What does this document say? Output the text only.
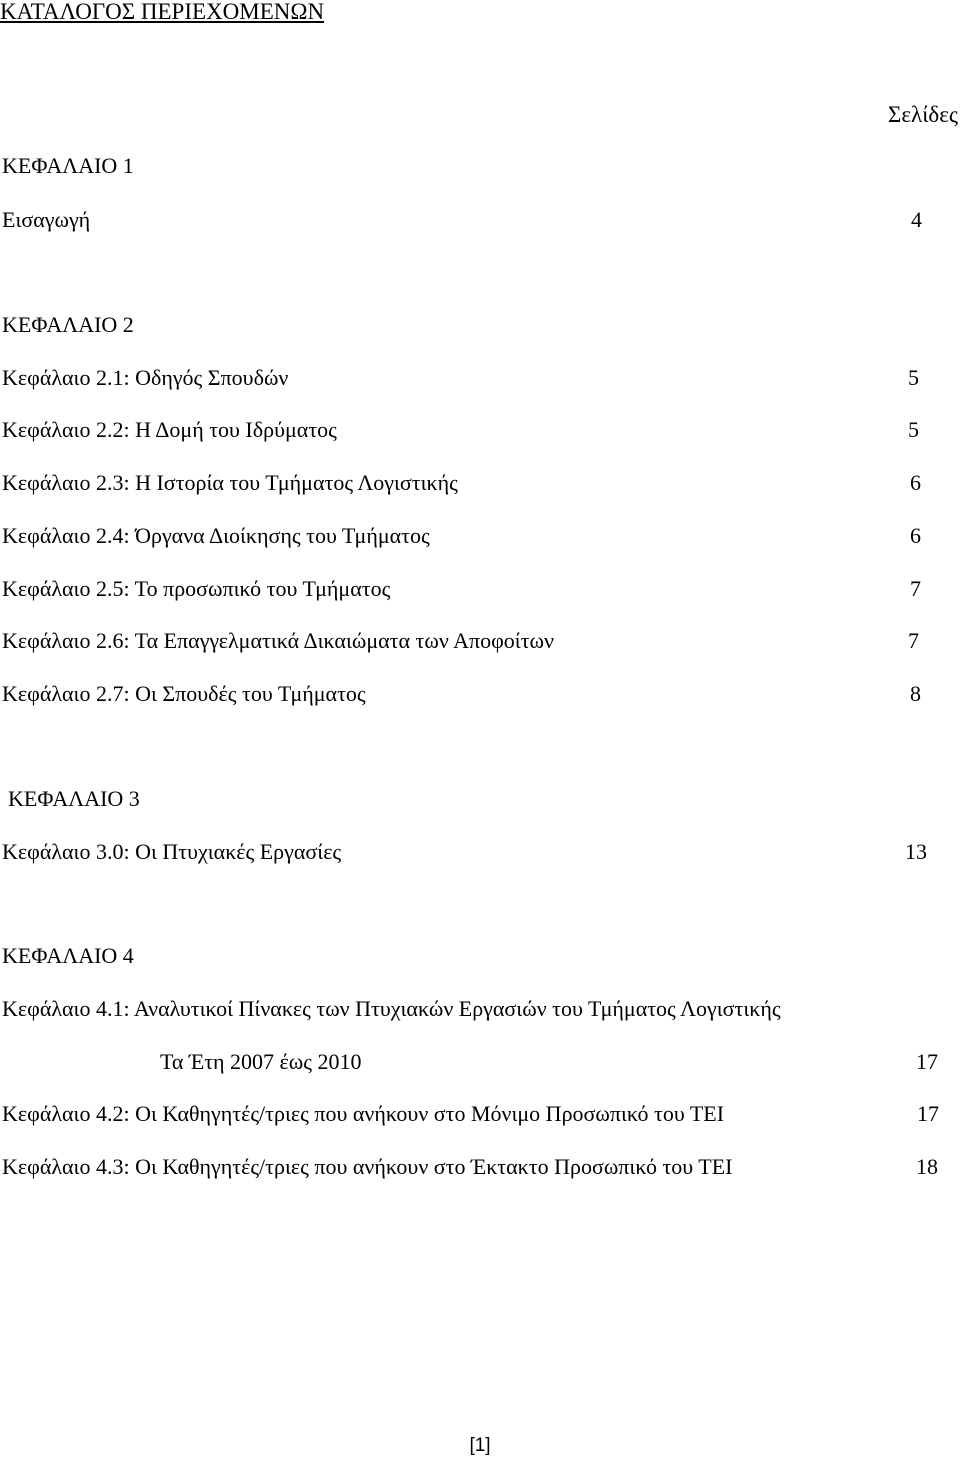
ΚΑΤΑΛΟΓΟΣ ΠΕΡΙΕΧΟΜΕΝΩΝ
Σελίδες
ΚΕΦΑΛΑΙΟ 1
Εισαγωγή	4
ΚΕΦΑΛΑΙΟ 2
Κεφάλαιο 2.1: Οδηγός Σπουδών	5
Κεφάλαιο 2.2: Η Δομή του Ιδρύματος	5
Κεφάλαιο 2.3: Η Ιστορία του Τμήματος Λογιστικής	6
Κεφάλαιο 2.4: Όργανα Διοίκησης του Τμήματος	6
Κεφάλαιο 2.5: Το προσωπικό του Τμήματος	7
Κεφάλαιο 2.6: Τα Επαγγελματικά Δικαιώματα των Αποφοίτων	7
Κεφάλαιο 2.7: Οι Σπουδές του Τμήματος	8
ΚΕΦΑΛΑΙΟ 3
Κεφάλαιο 3.0: Οι Πτυχιακές Εργασίες	13
ΚΕΦΑΛΑΙΟ 4
Κεφάλαιο 4.1: Αναλυτικοί Πίνακες των Πτυχιακών Εργασιών του Τμήματος Λογιστικής
Τα Έτη 2007 έως 2010	17
Κεφάλαιο 4.2: Οι Καθηγητές/τριες που ανήκουν στο Μόνιμο Προσωπικό του ΤΕΙ	17
Κεφάλαιο 4.3: Οι Καθηγητές/τριες που ανήκουν στο Έκτακτο Προσωπικό του ΤΕΙ	18
[1]
